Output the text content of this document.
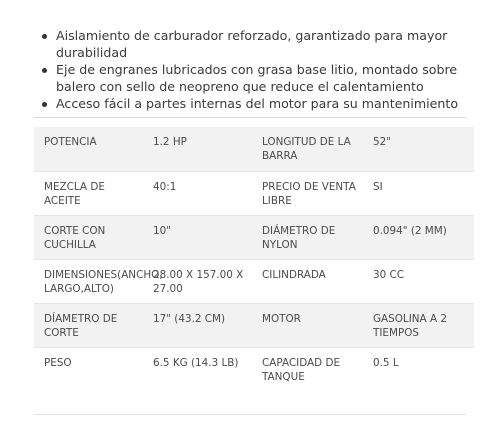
Aislamiento de carburador reforzado, garantizado para mayor durabilidad
Eje de engranes lubricados con grasa base litio, montado sobre balero con sello de neopreno que reduce el calentamiento
Acceso fácil a partes internas del motor para su mantenimiento
POTENCIA	1.2 HP	LONGITUD DE LA BARRA	52"
MEZCLA DE ACEITE	40:1	PRECIO DE VENTA LIBRE	SI
CORTE CON CUCHILLA	10"	DIÁMETRO DE NYLON	0.094" (2 MM)
DIMENSIONES(ANCHO, LARGO,ALTO)	28.00 X 157.00 X 27.00	CILINDRADA	30 CC
DÍAMETRO DE CORTE	17" (43.2 CM)	MOTOR	GASOLINA A 2 TIEMPOS
PESO	6.5 KG (14.3 LB)	CAPACIDAD DE TANQUE	0.5 L
